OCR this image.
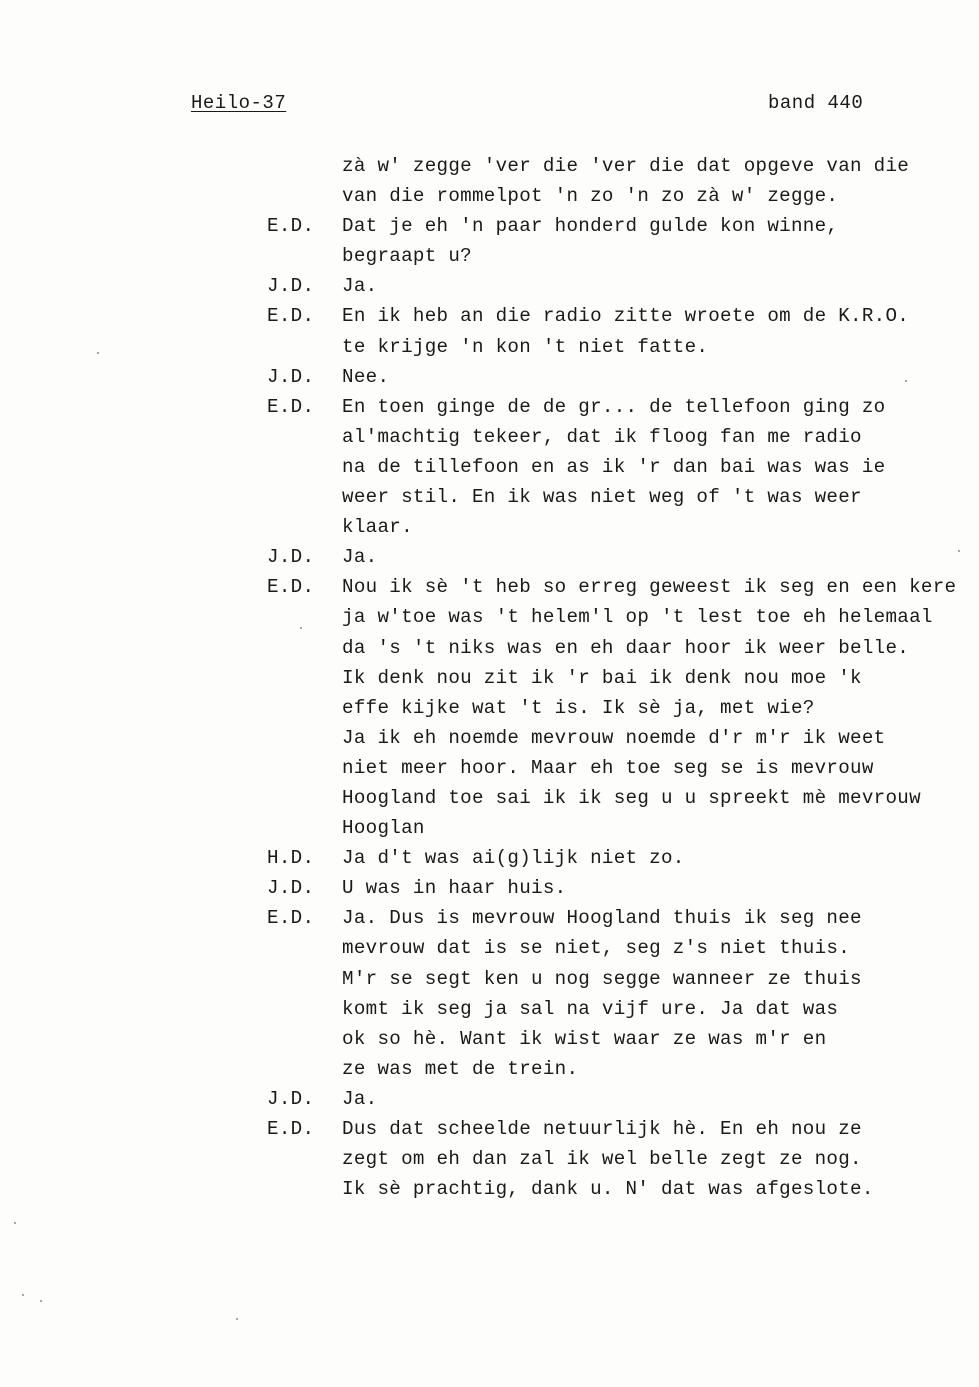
Heilo-37	band 440
zà w' zegge 'ver die 'ver die dat opgeve van die
van die rommelpot 'n zo 'n zo zà w' zegge.
E.D.	Dat je eh 'n paar honderd gulde kon winne,
begraapt u?
J.D.	Ja.
E.D.	En ik heb an die radio zitte wroete om de K.R.O.
te krijge 'n kon 't niet fatte.
J.D.	Nee.
E.D.	En toen ginge de de gr... de tellefoon ging zo
al'machtig tekeer, dat ik floog fan me radio
na de tillefoon en as ik 'r dan bai was was ie
weer stil. En ik was niet weg of 't was weer
klaar.
J.D.	Ja.
E.D.	Nou ik sè 't heb so erreg geweest ik seg en een kere
ja w'toe was 't helem'l op 't lest toe eh helemaal
da 's 't niks was en eh daar hoor ik weer belle.
Ik denk nou zit ik 'r bai ik denk nou moe 'k
effe kijke wat 't is. Ik sè ja, met wie?
Ja ik eh noemde mevrouw noemde d'r m'r ik weet
niet meer hoor. Maar eh toe seg se is mevrouw
Hoogland toe sai ik ik seg u u spreekt mè mevrouw
Hooglan
H.D.	Ja d't was ai(g)lijk niet zo.
J.D.	U was in haar huis.
E.D.	Ja. Dus is mevrouw Hoogland thuis ik seg nee
mevrouw dat is se niet, seg z's niet thuis.
M'r se segt ken u nog segge wanneer ze thuis
komt ik seg ja sal na vijf ure. Ja dat was
ok so hè. Want ik wist waar ze was m'r en
ze was met de trein.
J.D.	Ja.
E.D.	Dus dat scheelde netuurlijk hè. En eh nou ze
zegt om eh dan zal ik wel belle zegt ze nog.
Ik sè prachtig, dank u. N' dat was afgeslote.
